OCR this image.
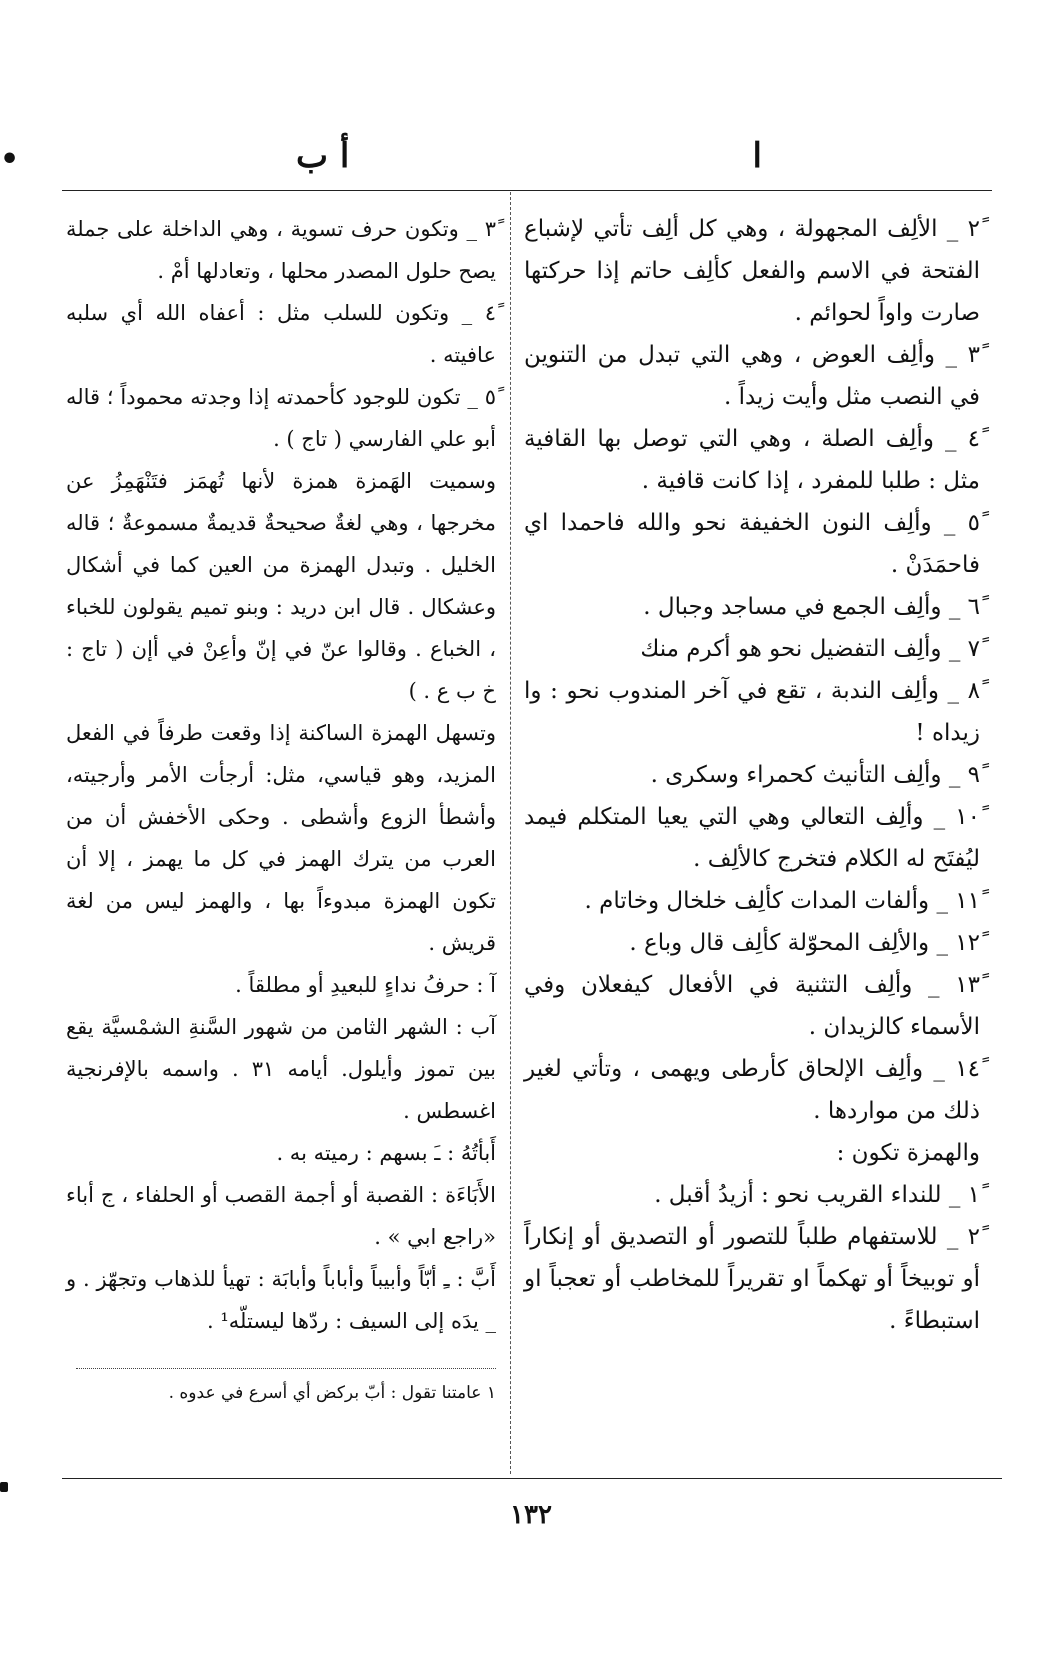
•	أ ب	ا

٢ً _ الألِف المجهولة ، وهي كل ألِف تأتي لإشباع الفتحة في الاسم والفعل كألِف حاتم إذا حركتها صارت واواً لحوائم .

٣ً _ وألِف العوض ، وهي التي تبدل من التنوين في النصب مثل وأيت زيداً .

٤ً _ وألِف الصلة ، وهي التي توصل بها القافية مثل : طلبا للمفرد ، إذا كانت قافية .

٥ً _ وألِف النون الخفيفة نحو والله فاحمدا اي فاحمَدَنْ .

٦ً _ وألِف الجمع في مساجد وجبال .

٧ً _ وألِف التفضيل نحو هو أكرم منك

٨ً _ وألِف الندبة ، تقع في آخر المندوب نحو : وا زيداه !

٩ً _ وألِف التأنيث كحمراء وسكرى .

١٠ً _ وألِف التعالي وهي التي يعيا المتكلم فيمد ليُفتَح له الكلام فتخرج كالألِف .

١١ً _ وألفات المدات كألِف خلخال وخاتام .

١٢ً _ والألِف المحوّلة كألِف قال وباع .

١٣ً _ وألِف التثنية في الأفعال كيفعلان وفي الأسماء كالزيدان .

١٤ً _ وألِف الإلحاق كأرطى ويهمى ، وتأتي لغير ذلك من مواردها .

والهمزة تكون :

١ً _ للنداء القريب نحو : أزيدُ أقبل .

٢ً _ للاستفهام طلباً للتصور أو التصديق أو إنكاراً أو توبيخاً أو تهكماً او تقريراً للمخاطب أو تعجباً او استبطاءً .

٣ً _ وتكون حرف تسوية ، وهي الداخلة على جملة يصح حلول المصدر محلها ، وتعادلها أمْ .

٤ً _ وتكون للسلب مثل : أعفاه الله أي سلبه عافيته .

٥ً _ تكون للوجود كأحمدته إذا وجدته محموداً ؛ قاله أبو علي الفارسي ( تاج ) .

وسميت الهَمزة همزة لأنها تُهمَز فتَنْهَمِزُ عن مخرجها ، وهي لغةٌ صحيحةٌ قديمةٌ مسموعةٌ ؛ قاله الخليل . وتبدل الهمزة من العين كما في أشكال وعشكال . قال ابن دريد : وبنو تميم يقولون للخباء ، الخباع . وقالوا عنّ في إنّ وأعِنْ في أإن ( تاج : خ ب ع . )

وتسهل الهمزة الساكنة إذا وقعت طرفاً في الفعل المزيد، وهو قياسي، مثل: أرجأت الأمر وأرجيته، وأشطأ الزوع وأشطى . وحكى الأخفش أن من العرب من يترك الهمز في كل ما يهمز ، إلا أن تكون الهمزة مبدوءاً بها ، والهمز ليس من لغة قريش .

آ : حرفُ نداءٍ للبعيدِ أو مطلقاً .

آب : الشهر الثامن من شهور السَّنةِ الشمْسيَّة يقع بين تموز وأيلول. أيامه ٣١ . واسمه بالإفرنجية اغسطس .

أَبأتُهُ : ـَ بسهم : رميته به .

الأَبَاءَة : القصبة أو أجمة القصب أو الحلفاء ، ج أباء «راجع ابي » .

أَبَّ : ـِ أبّاً وأبيباً وأباباً وأبابَة : تهيأ للذهاب وتجهّز . و _ يدَه إلى السيف : ردّها ليستلّه¹ .

١ عامتنا تقول : أبّ بركض أي أسرع في عدوه .

١٣٢
